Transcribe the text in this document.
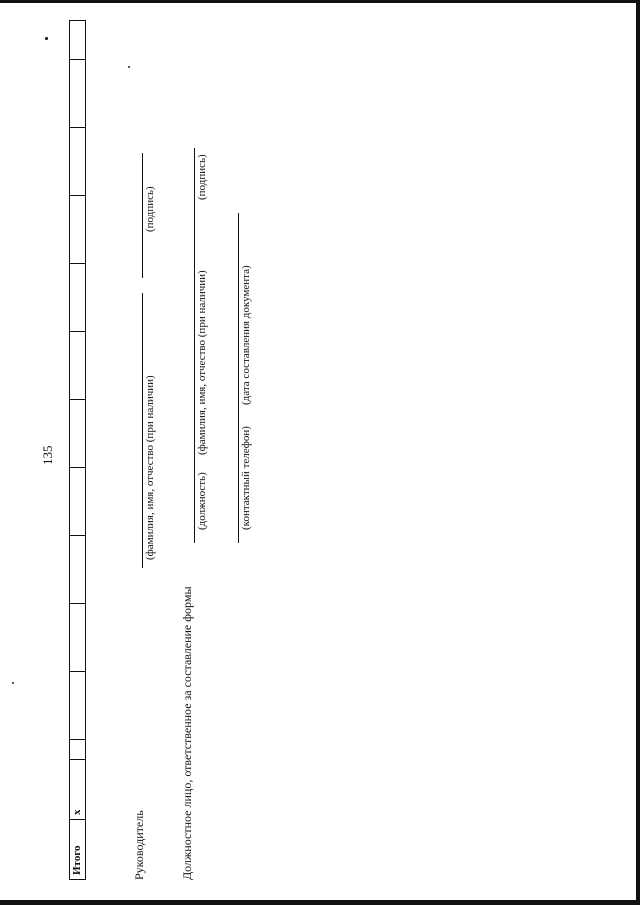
135
Итого	x													Руководитель
(фамилия, имя, отчество (при наличии)
(подпись)
Должностное лицо, ответственное за составление формы
(должность)
(фамилия, имя, отчество (при наличии)
(подпись)
(контактный телефон)
(дата составления документа)
